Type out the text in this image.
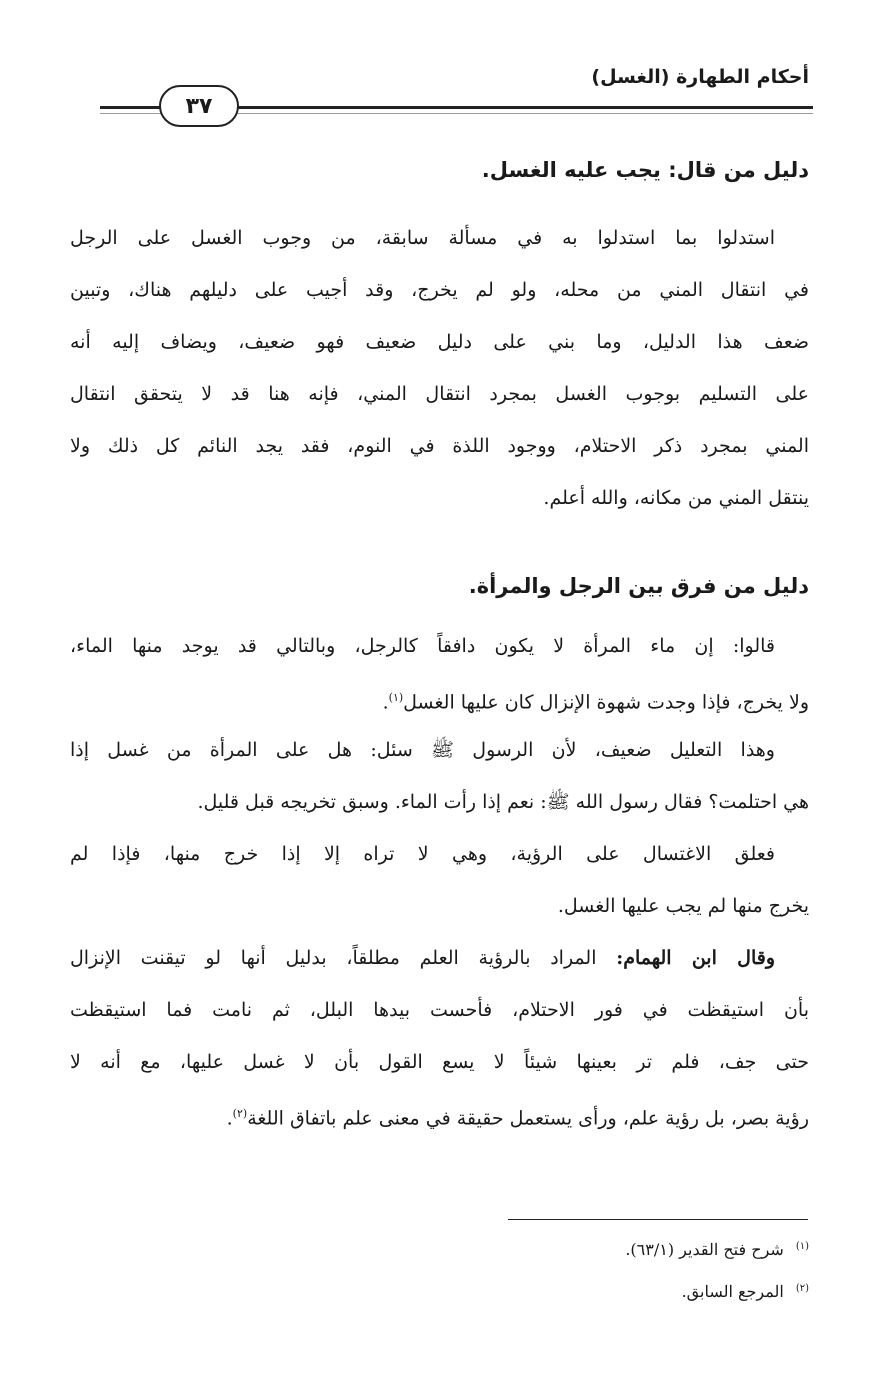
أحكام الطهارة (الغسل)
٣٧
دليل من قال: يجب عليه الغسل.
استدلوا بما استدلوا به في مسألة سابقة، من وجوب الغسل على الرجل
في انتقال المني من محله، ولو لم يخرج، وقد أجيب على دليلهم هناك، وتبين
ضعف هذا الدليل، وما بني على دليل ضعيف فهو ضعيف، ويضاف إليه أنه
على التسليم بوجوب الغسل بمجرد انتقال المني، فإنه هنا قد لا يتحقق انتقال
المني بمجرد ذكر الاحتلام، ووجود اللذة في النوم، فقد يجد النائم كل ذلك ولا
ينتقل المني من مكانه، والله أعلم.
دليل من فرق بين الرجل والمرأة.
قالوا: إن ماء المرأة لا يكون دافقاً كالرجل، وبالتالي قد يوجد منها الماء،
ولا يخرج، فإذا وجدت شهوة الإنزال كان عليها الغسل$^{(١)}$.
وهذا التعليل ضعيف، لأن الرسول ﷺ سئل: هل على المرأة من غسل إذا
هي احتلمت؟ فقال رسول الله ﷺ: نعم إذا رأت الماء. وسبق تخريجه قبل قليل.
فعلق الاغتسال على الرؤية، وهي لا تراه إلا إذا خرج منها، فإذا لم
يخرج منها لم يجب عليها الغسل.
وقال ابن الهمام: المراد بالرؤية العلم مطلقاً، بدليل أنها لو تيقنت الإنزال
بأن استيقظت في فور الاحتلام، فأحست بيدها البلل، ثم نامت فما استيقظت
حتى جف، فلم تر بعينها شيئاً لا يسع القول بأن لا غسل عليها، مع أنه لا
رؤية بصر، بل رؤية علم، ورأى يستعمل حقيقة في معنى علم باتفاق اللغة$^{(٢)}$.
$^{(١)}$شرح فتح القدير (٦٣/١).
$^{(٢)}$المرجع السابق.
